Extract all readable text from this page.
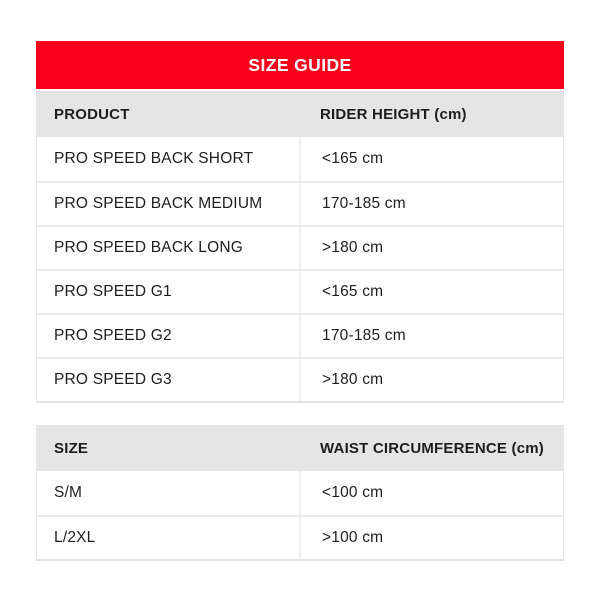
SIZE GUIDE
PRODUCT	RIDER HEIGHT (cm)
PRO SPEED BACK SHORT	<165 cm
PRO SPEED BACK MEDIUM	170-185 cm
PRO SPEED BACK LONG	>180 cm
PRO SPEED G1	<165 cm
PRO SPEED G2	170-185 cm
PRO SPEED G3	>180 cm
SIZE	WAIST CIRCUMFERENCE (cm)
S/M	<100 cm
L/2XL	>100 cm
